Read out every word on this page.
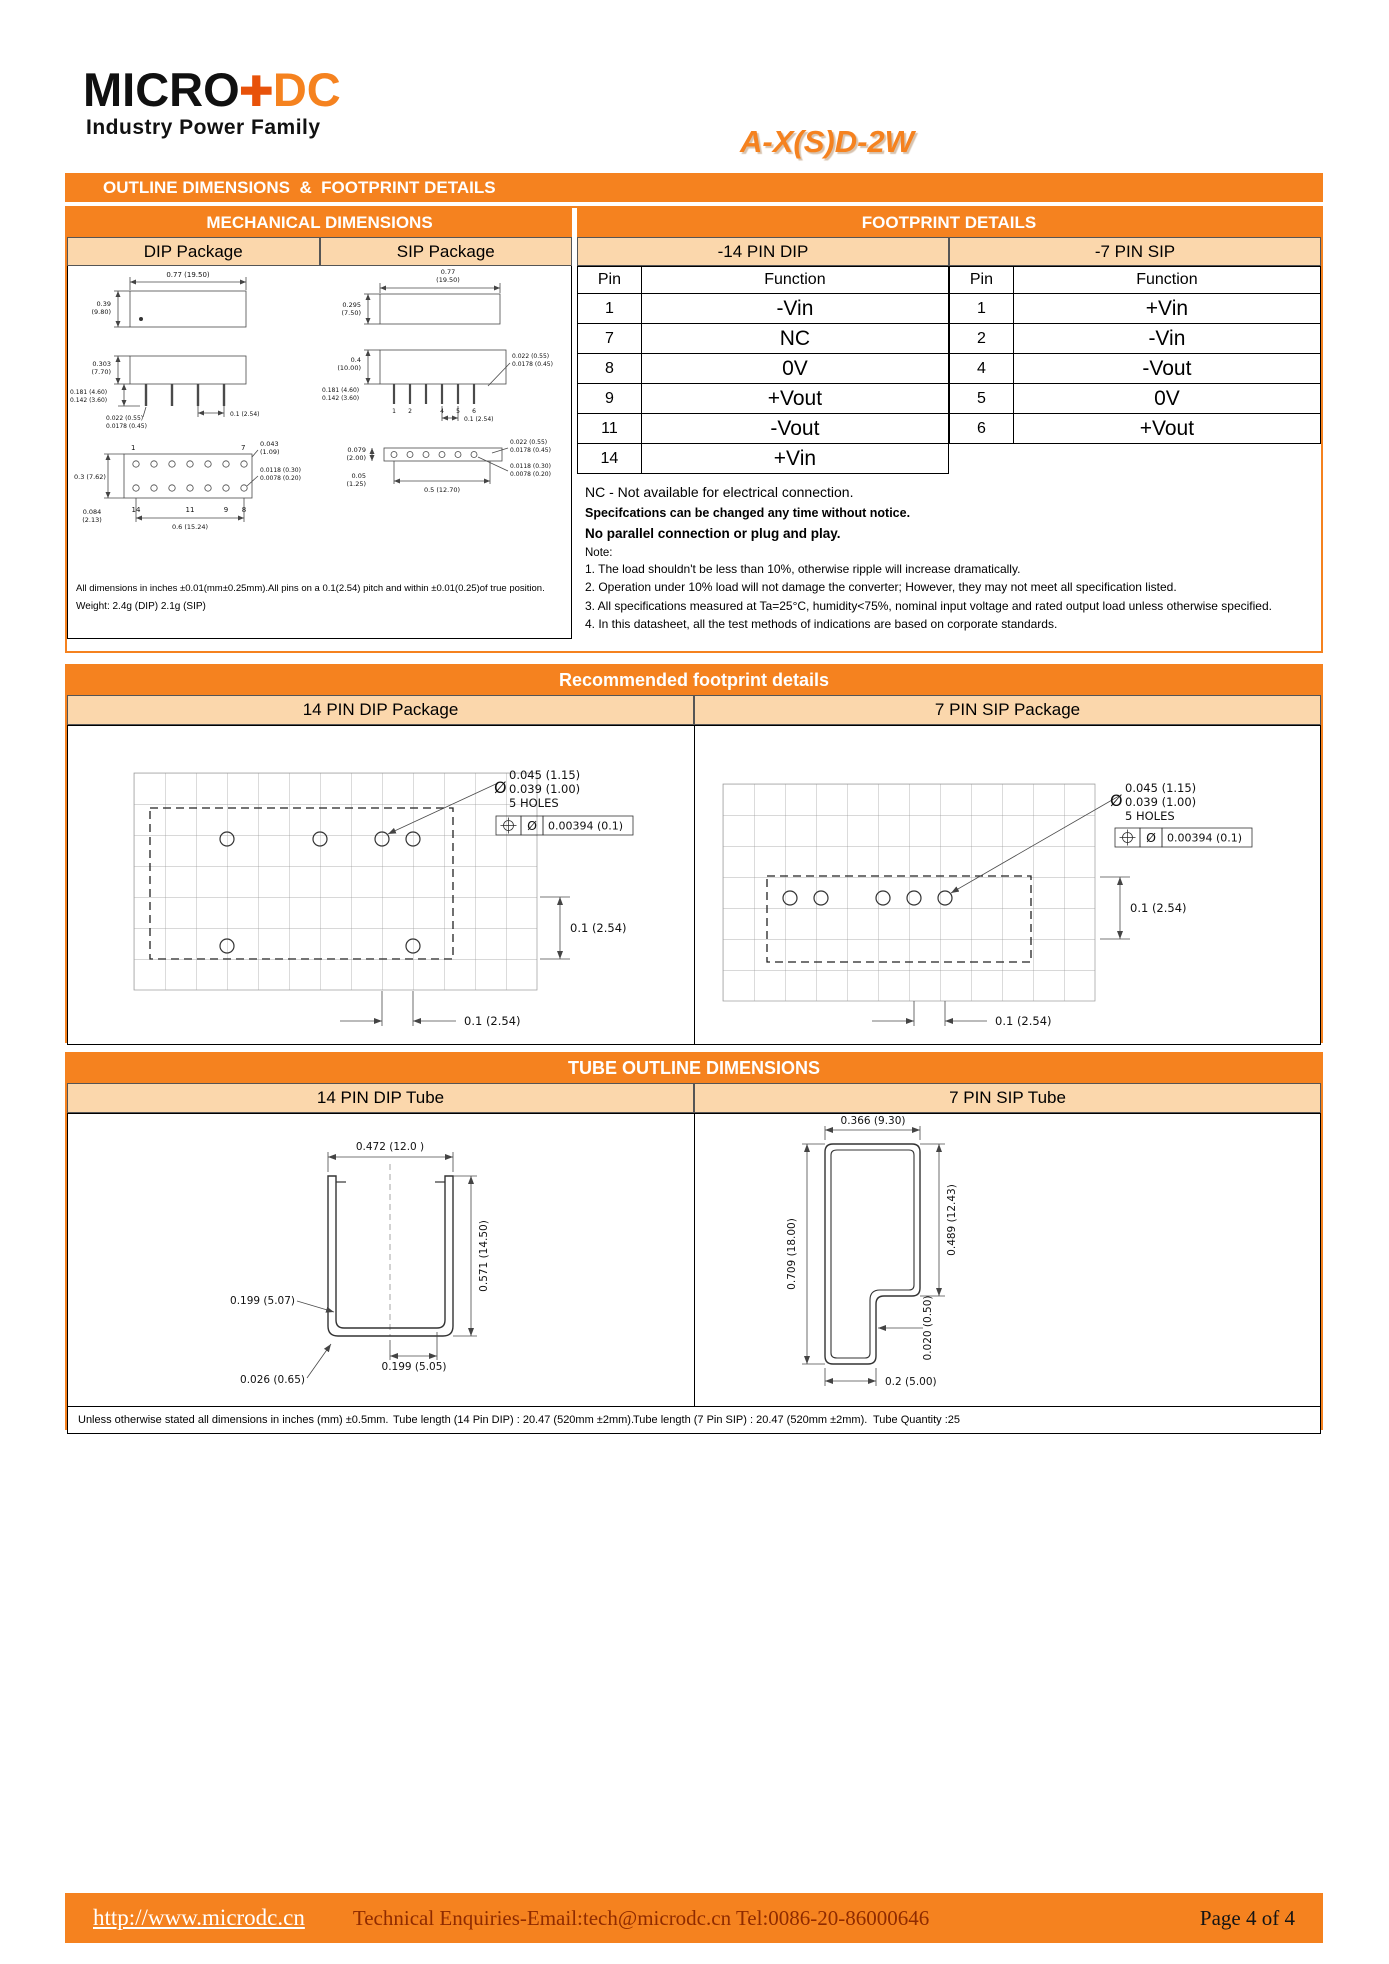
MICRO✚DC
Industry Power Family	A-X(S)D-2W
OUTLINE DIMENSIONS  &  FOOTPRINT DETAILS
MECHANICAL DIMENSIONS
DIP Package	SIP Package
0.77 (19.50)
0.39
(9.80)
0.303
(7.70)
0.181 (4.60)
0.142 (3.60)
0.022 (0.55)
0.0178 (0.45)
0.1 (2.54)
1	7
14	11	9 8
0.043
(1.09)
0.3 (7.62)
0.0118 (0.30)
0.0078 (0.20)
0.084
(2.13)
0.6 (15.24)
0.77
(19.50)
0.295
(7.50)
0.4
(10.00)
0.022 (0.55)
0.0178 (0.45)
1 2	4 5 6
0.181 (4.60)
0.142 (3.60)
0.1 (2.54)
0.079
(2.00)
0.022 (0.55)
0.0178 (0.45)
0.0118 (0.30)
0.0078 (0.20)
0.05
(1.25)
0.5 (12.70)
All dimensions in inches ±0.01(mm±0.25mm).All pins on a 0.1(2.54) pitch and within ±0.01(0.25)of true position.
Weight: 2.4g (DIP) 2.1g (SIP)
FOOTPRINT DETAILS
-14 PIN DIP	-7 PIN SIP
Pin	Function
1	-Vin
7	NC
8	0V
9	+Vout
11	-Vout
14	+Vin
Pin	Function
1	+Vin
2	-Vin
4	-Vout
5	0V
6	+Vout
NC - Not available for electrical connection.
Specifcations can be changed any time without notice.
No parallel connection or plug and play.
Note:
1. The load shouldn't be less than 10%, otherwise ripple will increase dramatically.
2. Operation under 10% load will not damage the converter; However, they may not meet all specification listed.
3. All specifications measured at Ta=25°C, humidity<75%, nominal input voltage and rated output load unless otherwise specified.
4. In this datasheet, all the test methods of indications are based on corporate standards.
Recommended footprint details
14 PIN DIP Package	7 PIN SIP Package
Ø
0.045 (1.15)
0.039 (1.00)
5 HOLES
Ø 0.00394 (0.1)
0.1 (2.54)
0.1 (2.54)
Ø
0.045 (1.15)
0.039 (1.00)
5 HOLES
Ø 0.00394 (0.1)
0.1 (2.54)
0.1 (2.54)
TUBE OUTLINE DIMENSIONS
14 PIN DIP Tube	7 PIN SIP Tube
0.472 (12.0 )
0.571 (14.50)
0.199 (5.07)
0.199 (5.05)
0.026 (0.65)
0.366 (9.30)
0.709 (18.00)	0.489 (12.43)
0.020 (0.50)
0.2 (5.00)
Unless otherwise stated all dimensions in inches (mm) ±0.5mm. Tube length (14 Pin DIP) : 20.47 (520mm ±2mm).
Tube length (7 Pin SIP) : 20.47 (520mm ±2mm). Tube Quantity :25
http://www.microdc.cn Technical Enquiries-Email:tech@microdc.cn Tel:0086-20-86000646	Page 4 of 4
